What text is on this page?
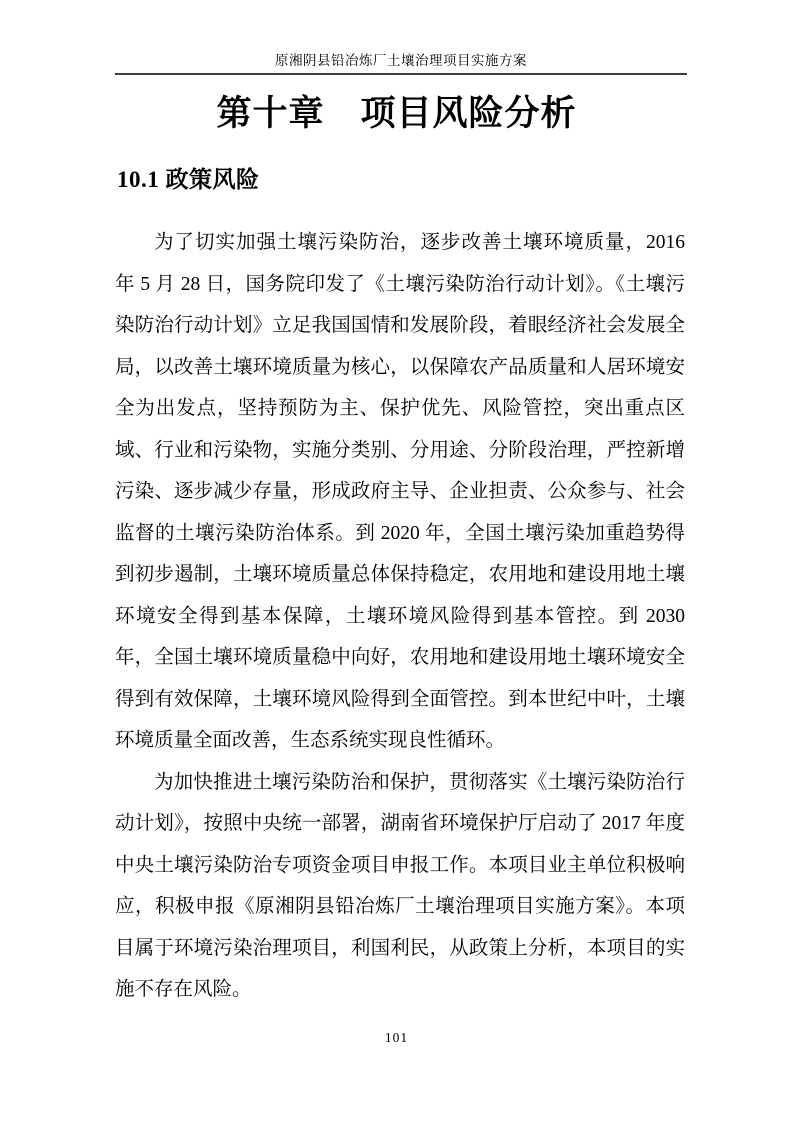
原湘阴县铅冶炼厂土壤治理项目实施方案
第十章　项目风险分析
10.1 政策风险

为了切实加强土壤污染防治，逐步改善土壤环境质量，2016 年 5 月 28 日，国务院印发了《土壤污染防治行动计划》。《土壤污染防治行动计划》立足我国国情和发展阶段，着眼经济社会发展全局，以改善土壤环境质量为核心，以保障农产品质量和人居环境安全为出发点，坚持预防为主、保护优先、风险管控，突出重点区域、行业和污染物，实施分类别、分用途、分阶段治理，严控新增污染、逐步减少存量，形成政府主导、企业担责、公众参与、社会监督的土壤污染防治体系。到 2020 年，全国土壤污染加重趋势得到初步遏制，土壤环境质量总体保持稳定，农用地和建设用地土壤环境安全得到基本保障，土壤环境风险得到基本管控。到 2030 年，全国土壤环境质量稳中向好，农用地和建设用地土壤环境安全得到有效保障，土壤环境风险得到全面管控。到本世纪中叶，土壤环境质量全面改善，生态系统实现良性循环。

为加快推进土壤污染防治和保护，贯彻落实《土壤污染防治行动计划》，按照中央统一部署，湖南省环境保护厅启动了 2017 年度中央土壤污染防治专项资金项目申报工作。本项目业主单位积极响应，积极申报《原湘阴县铅冶炼厂土壤治理项目实施方案》。本项目属于环境污染治理项目，利国利民，从政策上分析，本项目的实施不存在风险。

101
